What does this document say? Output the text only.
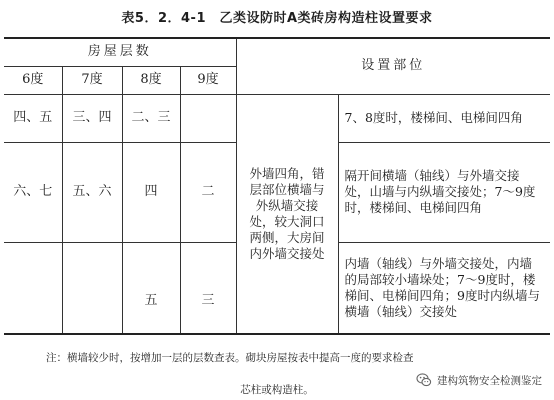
表5．2．4-1　乙类设防时A类砖房构造柱设置要求
房屋层数				设置部位	
6度	7度	8度	9度		
四、五	三、四	二、三		外墙四角，错层部位横墙与外纵墙交接处，较大洞口两侧，大房间内外墙交接处	7、8度时，楼梯间、电梯间四角
六、七	五、六	四	二		隔开间横墙（轴线）与外墙交接处，山墙与内纵墙交接处；7～9度时，楼梯间、电梯间四角
		五	三		内墙（轴线）与外墙交接处，内墙的局部较小墙垛处；7～9度时，楼梯间、电梯间四角；9度时内纵墙与横墙（轴线）交接处
注：横墙较少时，按增加一层的层数查表。砌块房屋按表中提高一度的要求检查
芯柱或构造柱。
建构筑物安全检测鉴定
